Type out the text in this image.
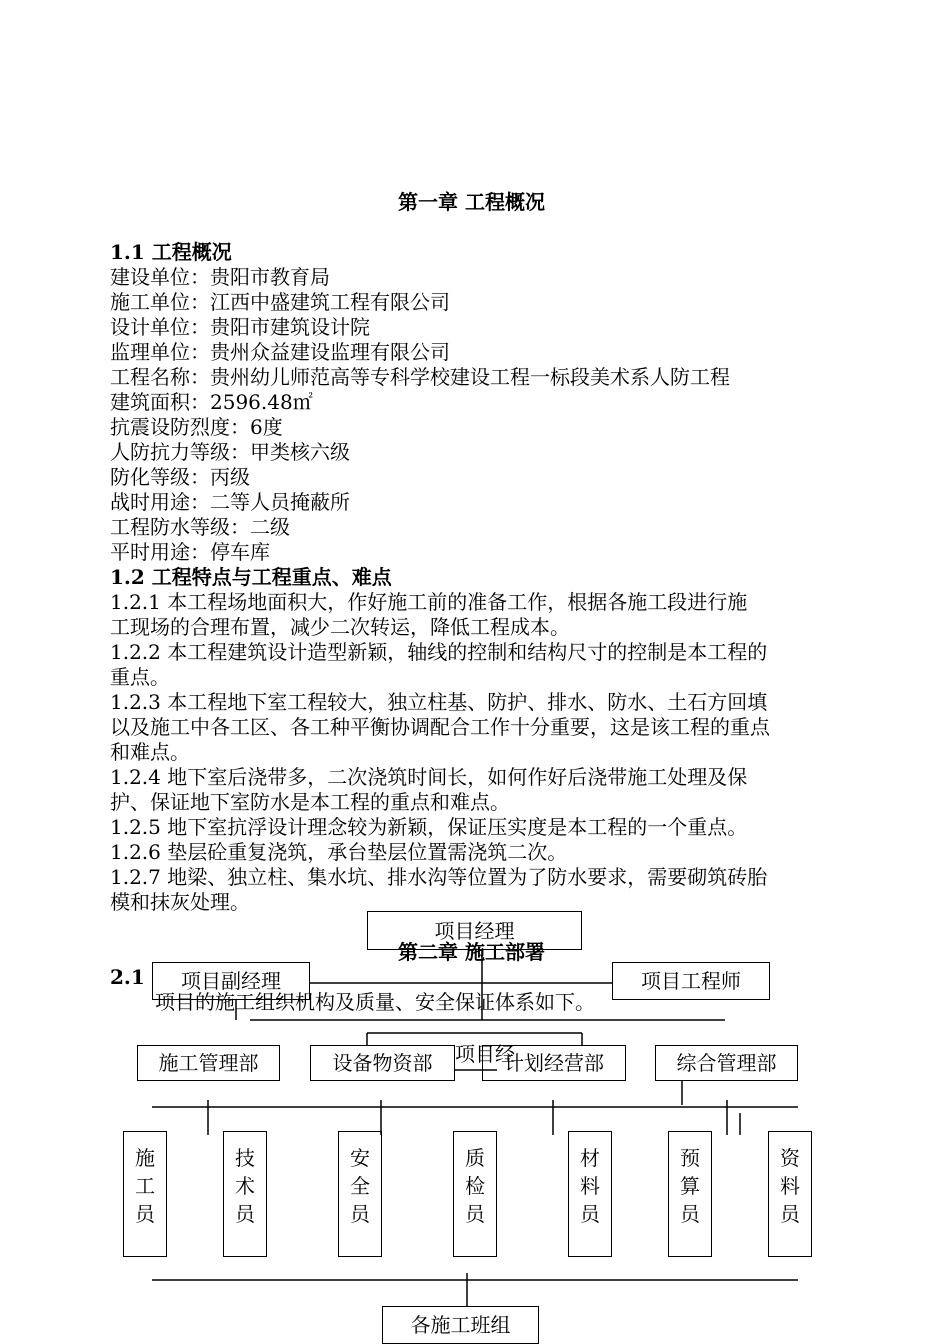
第一章 工程概况
1.1 工程概况
建设单位：贵阳市教育局
施工单位：江西中盛建筑工程有限公司
设计单位：贵阳市建筑设计院
监理单位：贵州众益建设监理有限公司
工程名称：贵州幼儿师范高等专科学校建设工程一标段美术系人防工程
建筑面积：2596.48㎡
抗震设防烈度：6度
人防抗力等级：甲类核六级
防化等级：丙级
战时用途：二等人员掩蔽所
工程防水等级：二级
平时用途：停车库
1.2 工程特点与工程重点、难点
1.2.1 本工程场地面积大，作好施工前的准备工作，根据各施工段进行施
工现场的合理布置，减少二次转运，降低工程成本。
1.2.2 本工程建筑设计造型新颖，轴线的控制和结构尺寸的控制是本工程的
重点。
1.2.3 本工程地下室工程较大，独立柱基、防护、排水、防水、土石方回填
以及施工中各工区、各工种平衡协调配合工作十分重要，这是该工程的重点
和难点。
1.2.4 地下室后浇带多，二次浇筑时间长，如何作好后浇带施工处理及保
护、保证地下室防水是本工程的重点和难点。
1.2.5 地下室抗浮设计理念较为新颖，保证压实度是本工程的一个重点。
1.2.6 垫层砼重复浇筑，承台垫层位置需浇筑二次。
1.2.7 地梁、独立柱、集水坑、排水沟等位置为了防水要求，需要砌筑砖胎
模和抹灰处理。
第二章 施工部署
2.1
项目的施工组织机构及质量、安全保证体系如下。
项目经
项目经理
项目副经理	项目工程师
施工管理部	设备物资部	计划经营部	综合管理部
施
工
员
技
术
员
安
全
员
质
检
员
材
料
员
预
算
员
资
料
员
各施工班组
